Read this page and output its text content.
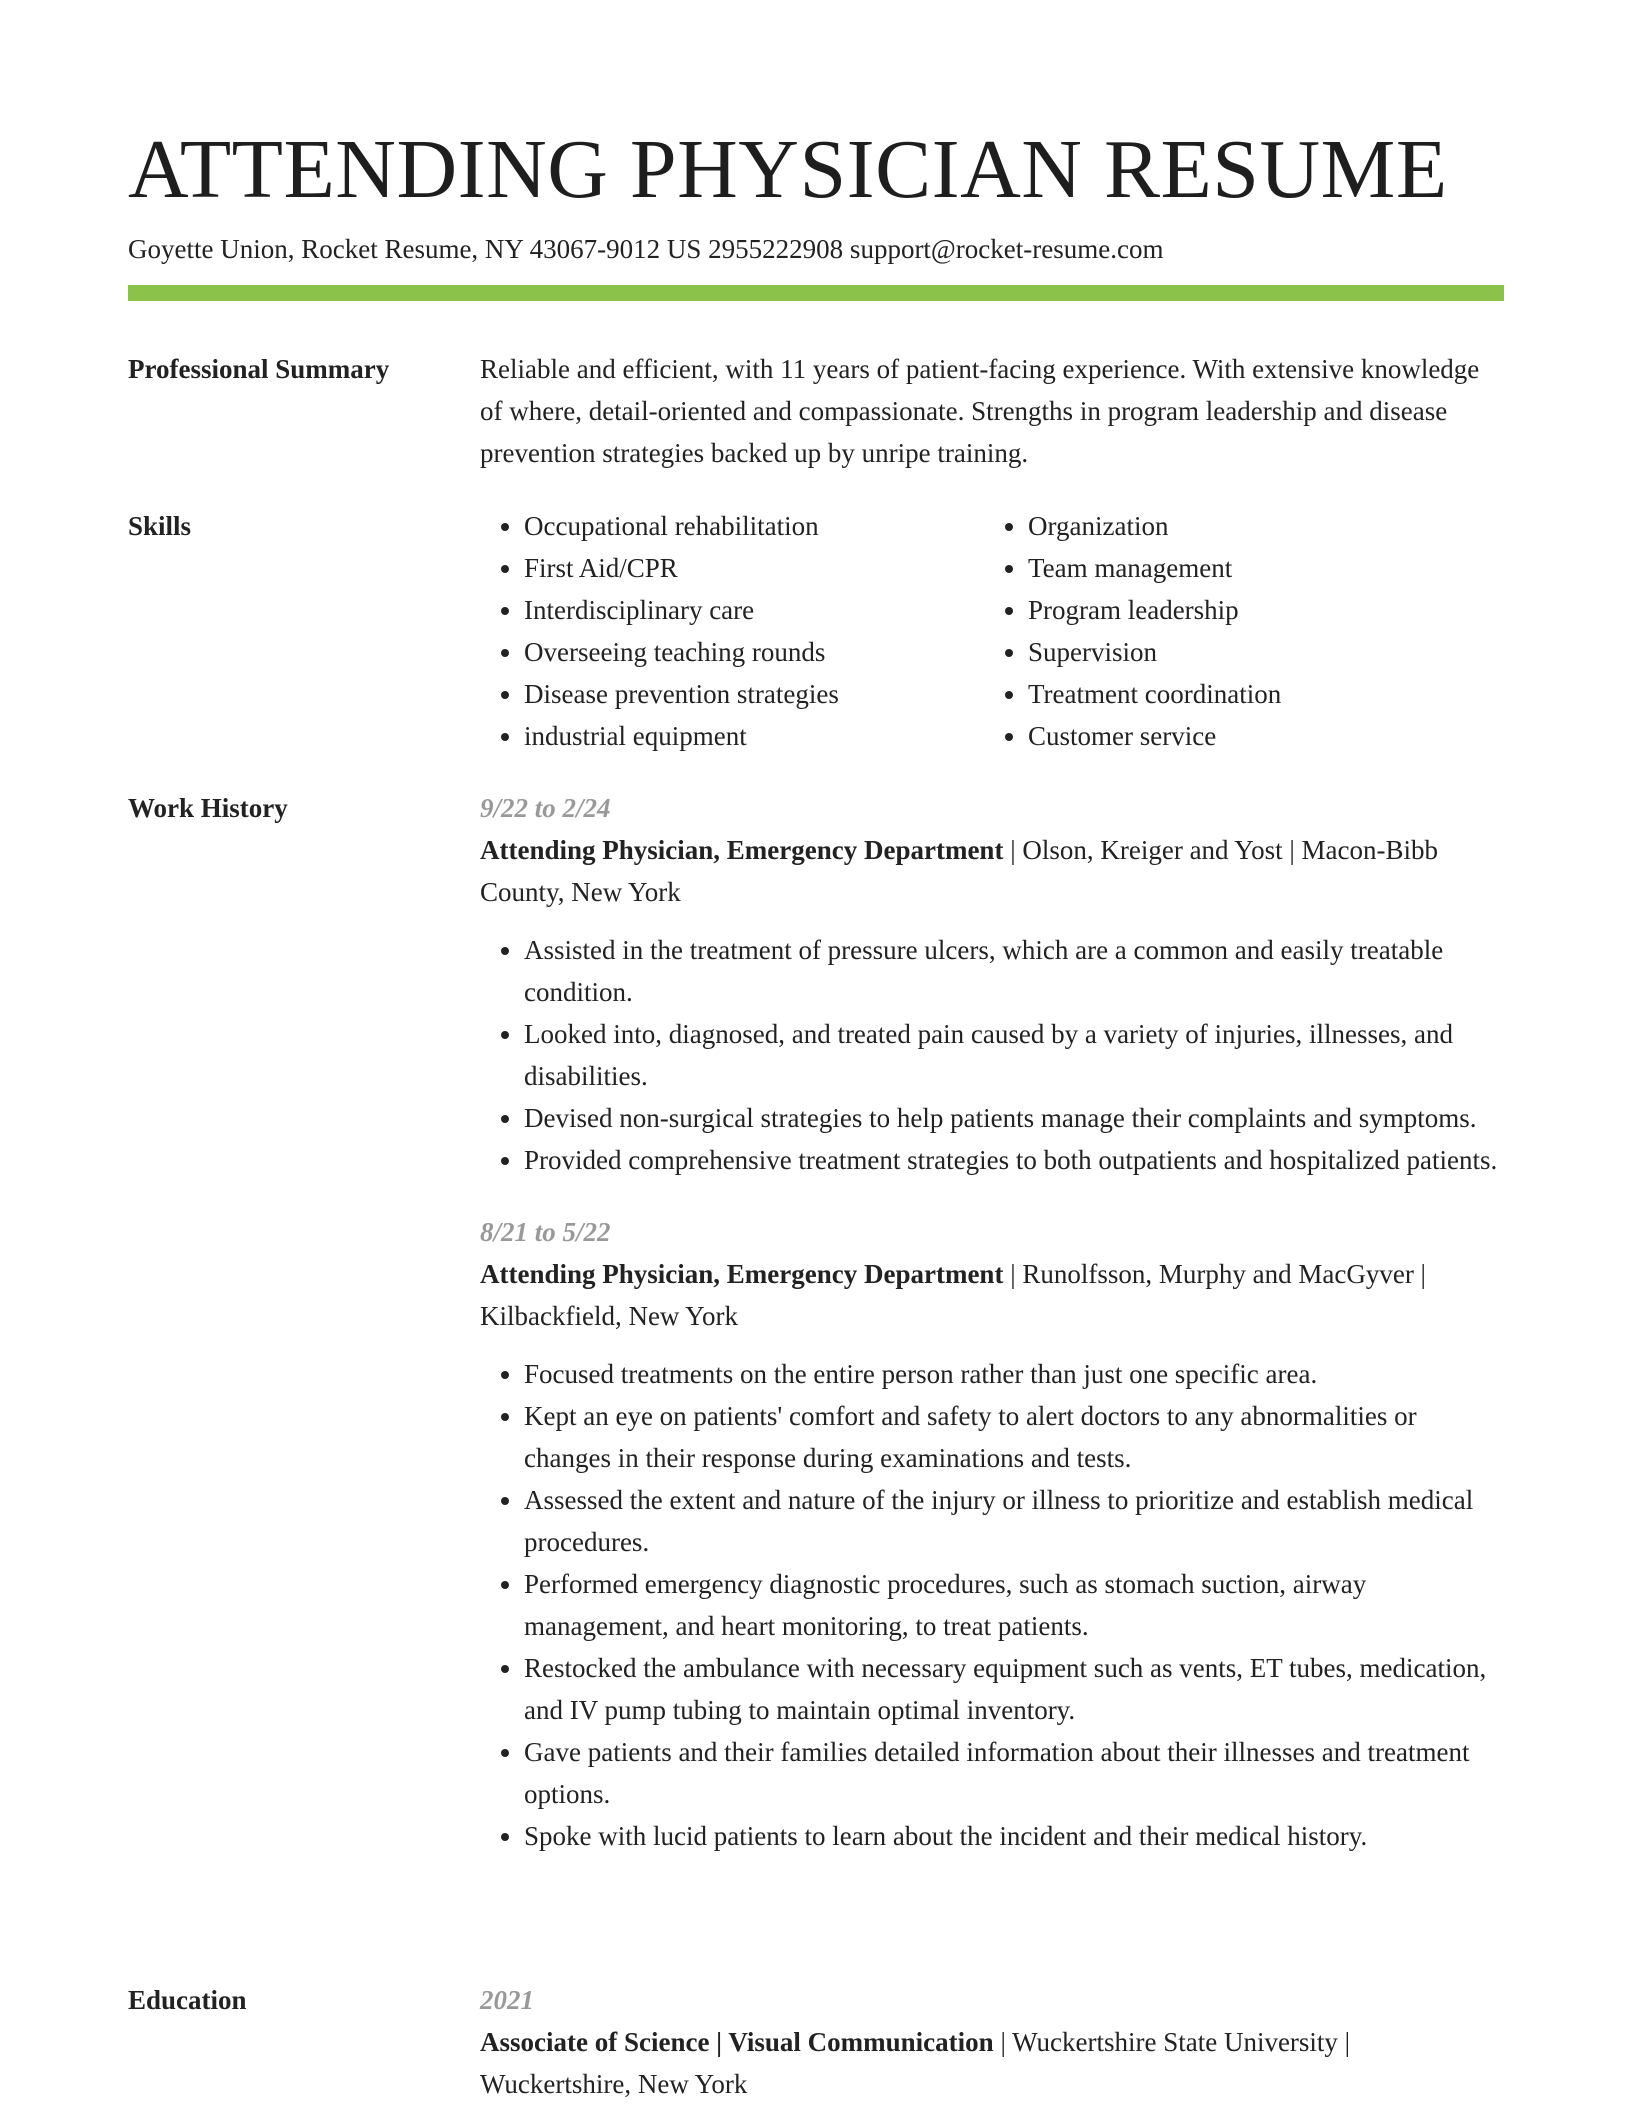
ATTENDING PHYSICIAN RESUME
Goyette Union, Rocket Resume, NY 43067-9012 US 2955222908 support@rocket-resume.com
Professional Summary	Reliable and efficient, with 11 years of patient-facing experience. With extensive knowledge of where, detail-oriented and compassionate. Strengths in program leadership and disease prevention strategies backed up by unripe training.

Skills
•	Occupational rehabilitation
• First Aid/CPR
• Interdisciplinary care
• Overseeing teaching rounds
• Disease prevention strategies
• industrial equipment
• Organization
• Team management
• Program leadership
• Supervision
• Treatment coordination
• Customer service
Work History	9/22 to 2/24
Attending Physician, Emergency Department | Olson, Kreiger and Yost | Macon-Bibb County, New York
• Assisted in the treatment of pressure ulcers, which are a common and easily treatable condition.
• Looked into, diagnosed, and treated pain caused by a variety of injuries, illnesses, and disabilities.
• Devised non-surgical strategies to help patients manage their complaints and symptoms.
• Provided comprehensive treatment strategies to both outpatients and hospitalized patients.
8/21 to 5/22
Attending Physician, Emergency Department | Runolfsson, Murphy and MacGyver | Kilbackfield, New York
• Focused treatments on the entire person rather than just one specific area.
• Kept an eye on patients' comfort and safety to alert doctors to any abnormalities or changes in their response during examinations and tests.
• Assessed the extent and nature of the injury or illness to prioritize and establish medical procedures.
• Performed emergency diagnostic procedures, such as stomach suction, airway management, and heart monitoring, to treat patients.
• Restocked the ambulance with necessary equipment such as vents, ET tubes, medication, and IV pump tubing to maintain optimal inventory.
• Gave patients and their families detailed information about their illnesses and treatment options.
• Spoke with lucid patients to learn about the incident and their medical history.
Education	2021
Associate of Science | Visual Communication | Wuckertshire State University | Wuckertshire, New York
